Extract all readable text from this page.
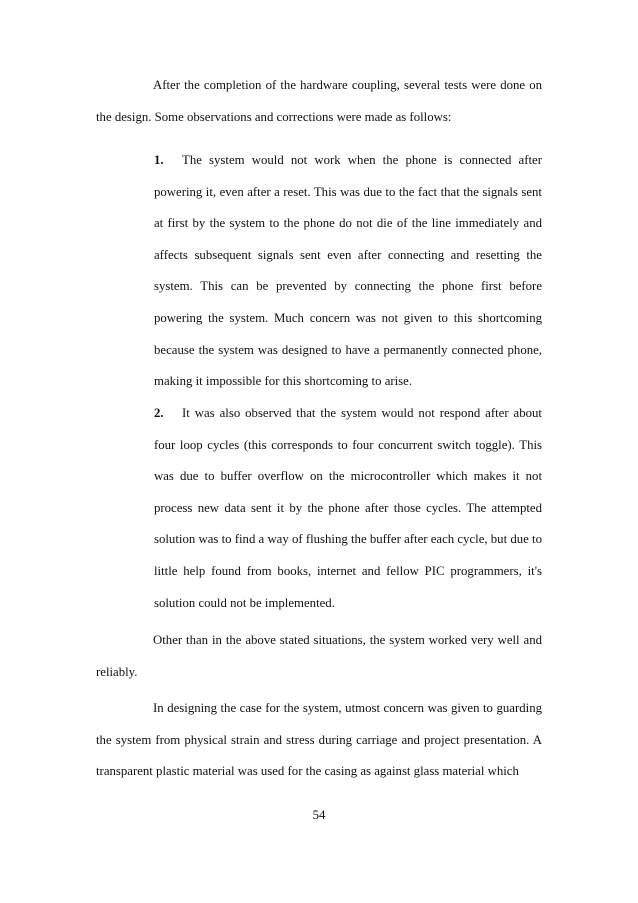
After the completion of the hardware coupling, several tests were done on the design. Some observations and corrections were made as follows:

1. The system would not work when the phone is connected after powering it, even after a reset. This was due to the fact that the signals sent at first by the system to the phone do not die of the line immediately and affects subsequent signals sent even after connecting and resetting the system. This can be prevented by connecting the phone first before powering the system. Much concern was not given to this shortcoming because the system was designed to have a permanently connected phone, making it impossible for this shortcoming to arise.

2. It was also observed that the system would not respond after about four loop cycles (this corresponds to four concurrent switch toggle). This was due to buffer overflow on the microcontroller which makes it not process new data sent it by the phone after those cycles. The attempted solution was to find a way of flushing the buffer after each cycle, but due to little help found from books, internet and fellow PIC programmers, it's solution could not be implemented.

Other than in the above stated situations, the system worked very well and reliably.

In designing the case for the system, utmost concern was given to guarding the system from physical strain and stress during carriage and project presentation. A transparent plastic material was used for the casing as against glass material which

54
